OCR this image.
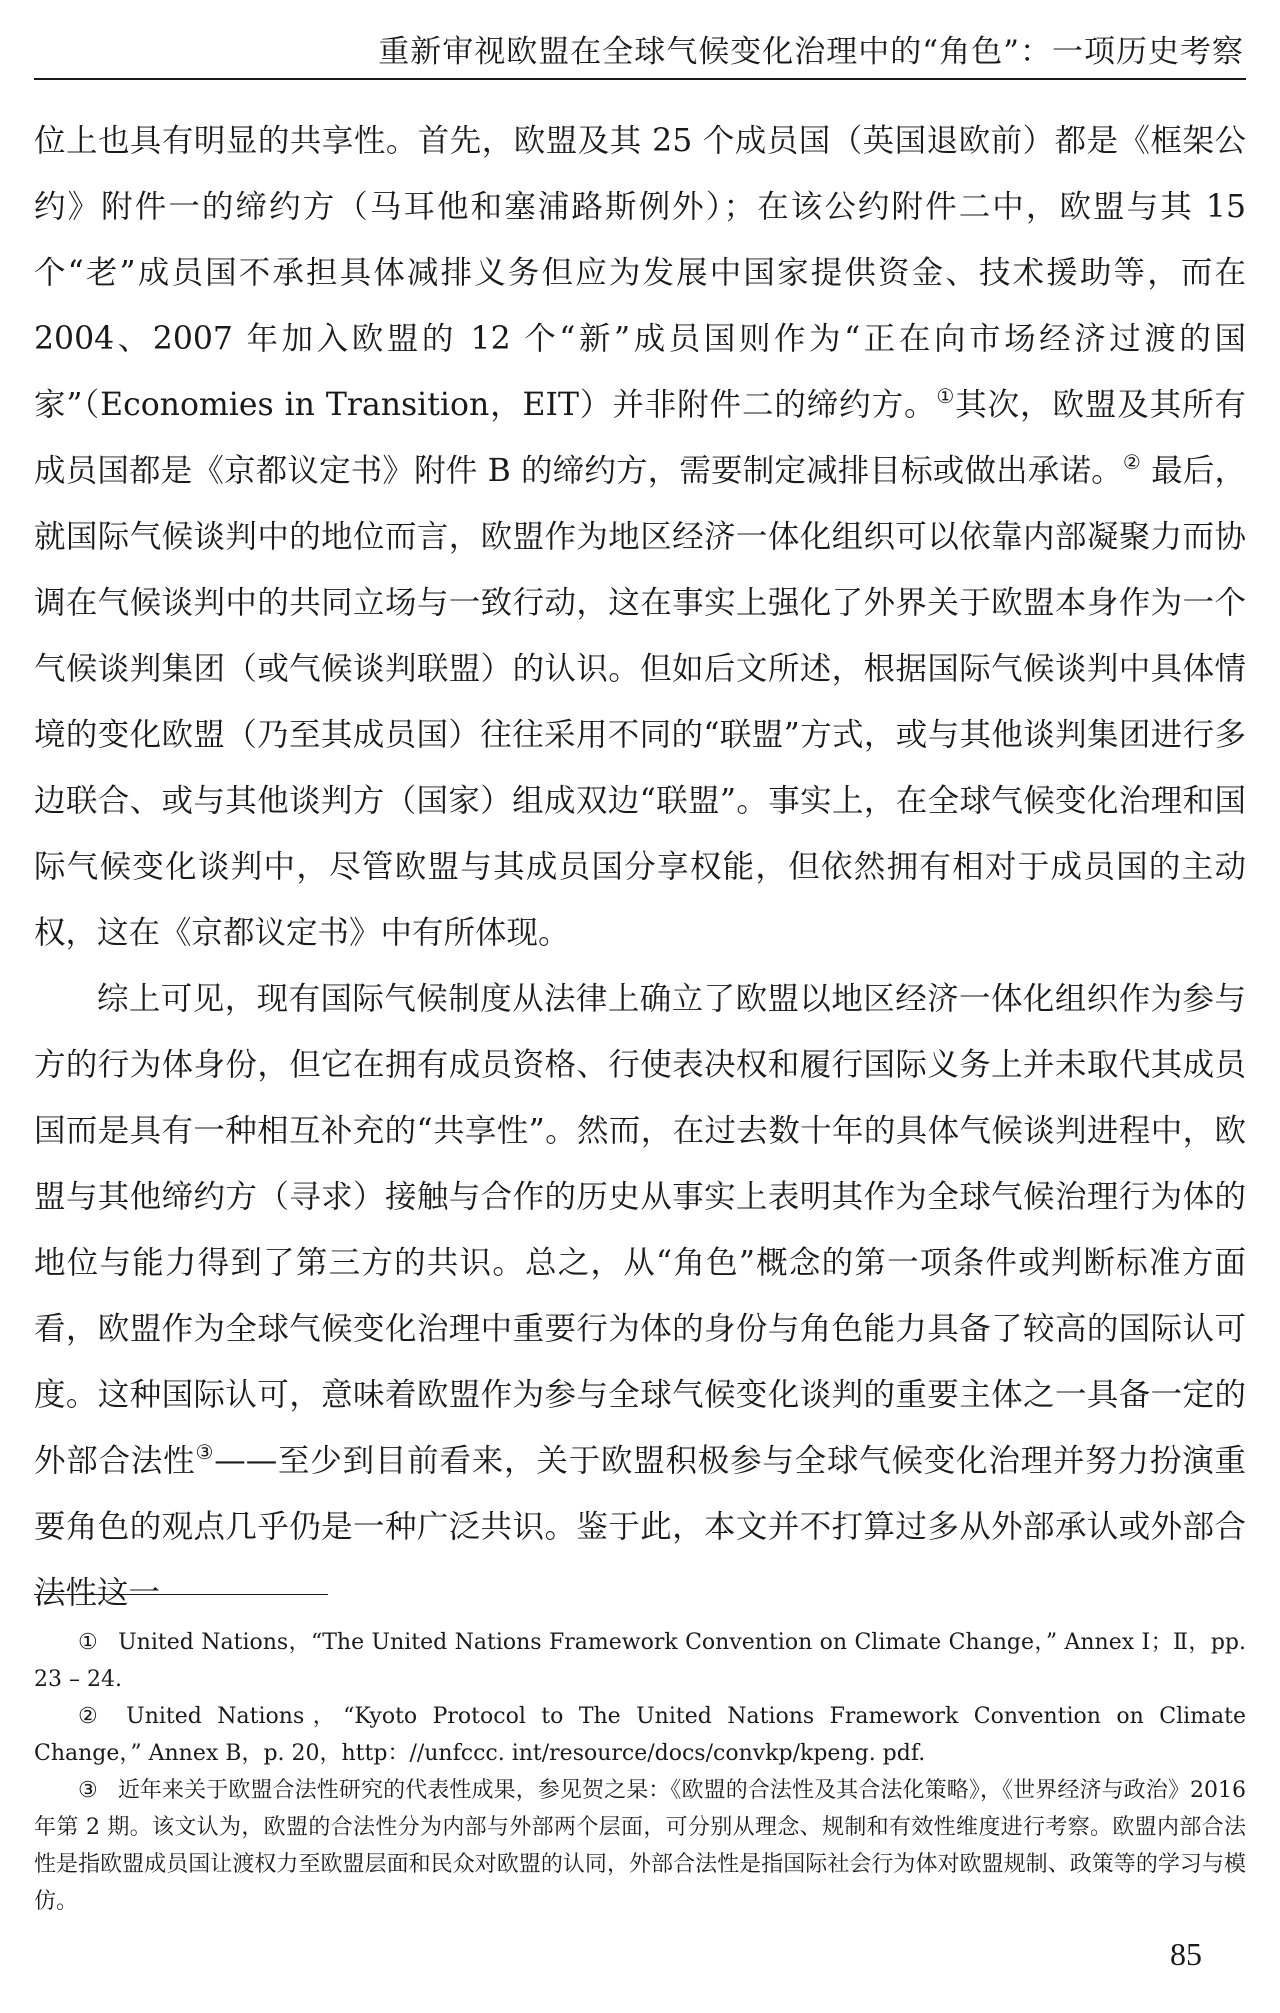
重新审视欧盟在全球气候变化治理中的“角色”：一项历史考察

位上也具有明显的共享性。首先，欧盟及其 25 个成员国（英国退欧前）都是《框架公约》附件一的缔约方（马耳他和塞浦路斯例外）；在该公约附件二中，欧盟与其 15 个“老”成员国不承担具体减排义务但应为发展中国家提供资金、技术援助等，而在 2004、2007 年加入欧盟的 12 个“新”成员国则作为“正在向市场经济过渡的国家”（Economies in Transition，EIT）并非附件二的缔约方。①其次，欧盟及其所有成员国都是《京都议定书》附件 B 的缔约方，需要制定减排目标或做出承诺。② 最后，就国际气候谈判中的地位而言，欧盟作为地区经济一体化组织可以依靠内部凝聚力而协调在气候谈判中的共同立场与一致行动，这在事实上强化了外界关于欧盟本身作为一个气候谈判集团（或气候谈判联盟）的认识。但如后文所述，根据国际气候谈判中具体情境的变化欧盟（乃至其成员国）往往采用不同的“联盟”方式，或与其他谈判集团进行多边联合、或与其他谈判方（国家）组成双边“联盟”。事实上，在全球气候变化治理和国际气候变化谈判中，尽管欧盟与其成员国分享权能，但依然拥有相对于成员国的主动权，这在《京都议定书》中有所体现。

综上可见，现有国际气候制度从法律上确立了欧盟以地区经济一体化组织作为参与方的行为体身份，但它在拥有成员资格、行使表决权和履行国际义务上并未取代其成员国而是具有一种相互补充的“共享性”。然而，在过去数十年的具体气候谈判进程中，欧盟与其他缔约方（寻求）接触与合作的历史从事实上表明其作为全球气候治理行为体的地位与能力得到了第三方的共识。总之，从“角色”概念的第一项条件或判断标准方面看，欧盟作为全球气候变化治理中重要行为体的身份与角色能力具备了较高的国际认可度。这种国际认可，意味着欧盟作为参与全球气候变化谈判的重要主体之一具备一定的外部合法性③——至少到目前看来，关于欧盟积极参与全球气候变化治理并努力扮演重要角色的观点几乎仍是一种广泛共识。鉴于此，本文并不打算过多从外部承认或外部合法性这一

① United Nations，“The United Nations Framework Convention on Climate Change，” Annex Ⅰ；Ⅱ，pp. 23 – 24.

② United Nations，“Kyoto Protocol to The United Nations Framework Convention on Climate Change，” Annex B，p. 20，http：//unfccc. int/resource/docs/convkp/kpeng. pdf.

③ 近年来关于欧盟合法性研究的代表性成果，参见贺之杲：《欧盟的合法性及其合法化策略》，《世界经济与政治》2016 年第 2 期。该文认为，欧盟的合法性分为内部与外部两个层面，可分别从理念、规制和有效性维度进行考察。欧盟内部合法性是指欧盟成员国让渡权力至欧盟层面和民众对欧盟的认同，外部合法性是指国际社会行为体对欧盟规制、政策等的学习与模仿。

85
